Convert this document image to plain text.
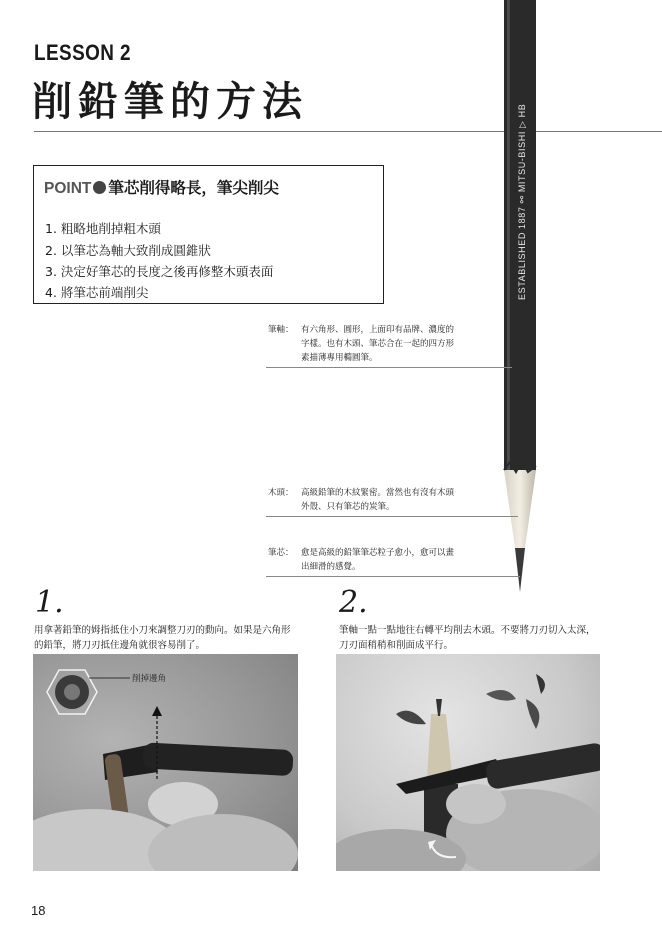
LESSON 2
削鉛筆的方法
ESTABLISHED 1887 ⚯ MITSU-BISHI ▷ HB
POINT 筆芯削得略長，筆尖削尖
1. 粗略地削掉粗木頭
2. 以筆芯為軸大致削成圓錐狀
3. 決定好筆芯的長度之後再修整木頭表面
4. 將筆芯前端削尖
筆軸： 有六角形、圓形，上面印有品牌、濃度的
字樣。也有木頭、筆芯合在一起的四方形
素描薄專用橢圓筆。
木頭： 高級鉛筆的木紋緊密。當然也有沒有木頭
外殼、只有筆芯的炭筆。
筆芯： 愈是高級的鉛筆筆芯粒子愈小，愈可以畫
出細滑的感覺。
1.
用拿著鉛筆的姆指抵住小刀來調整刀刃的動向。如果是六角形的鉛筆，將刀刃抵住邊角就很容易削了。
削掉邊角
2.
筆軸一點一點地往右轉平均削去木頭。不要將刀刃切入太深，刀刃面稍稍和削面成平行。
18
